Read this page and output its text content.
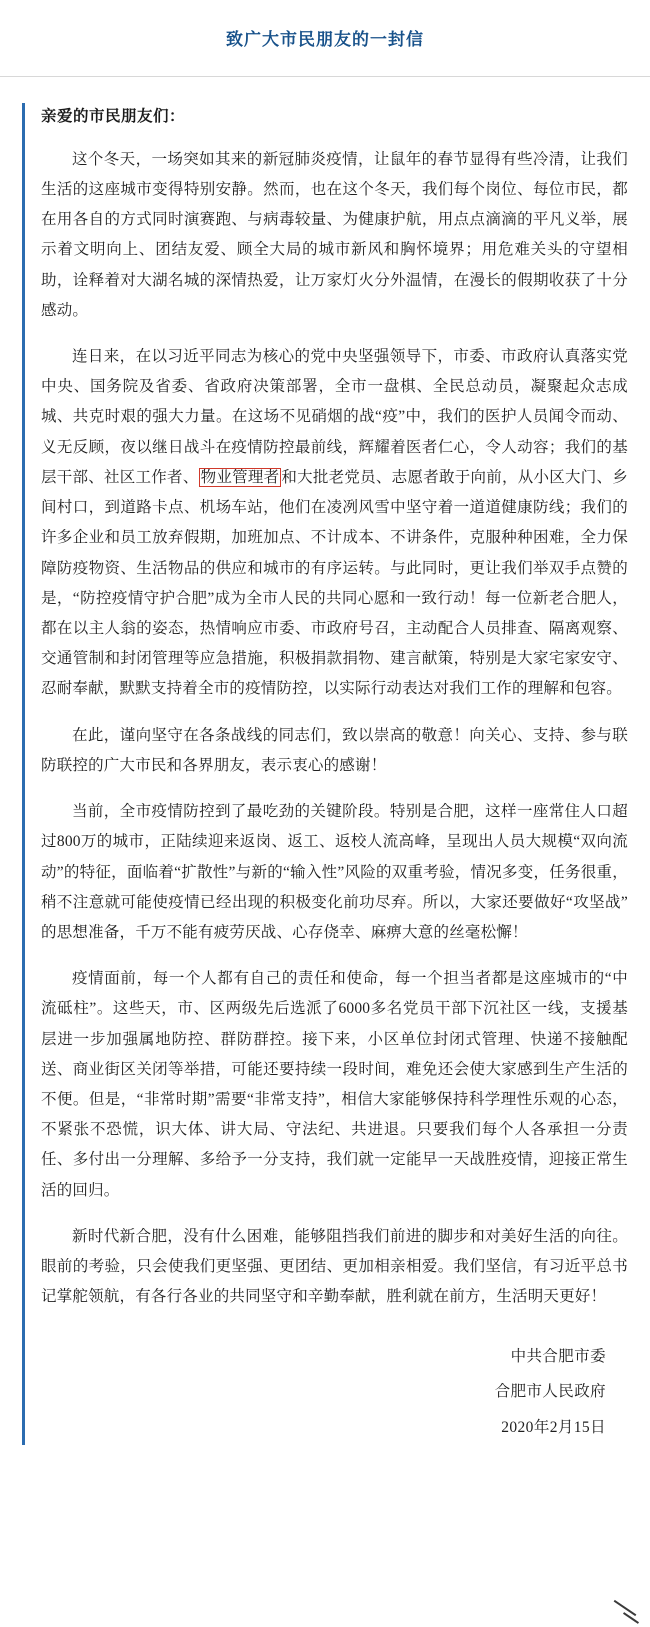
致广大市民朋友的一封信
亲爱的市民朋友们：

这个冬天，一场突如其来的新冠肺炎疫情，让鼠年的春节显得有些冷清，让我们生活的这座城市变得特别安静。然而，也在这个冬天，我们每个岗位、每位市民，都在用各自的方式同时演赛跑、与病毒较量、为健康护航，用点点滴滴的平凡义举，展示着文明向上、团结友爱、顾全大局的城市新风和胸怀境界；用危难关头的守望相助，诠释着对大湖名城的深情热爱，让万家灯火分外温情，在漫长的假期收获了十分感动。

连日来，在以习近平同志为核心的党中央坚强领导下，市委、市政府认真落实党中央、国务院及省委、省政府决策部署，全市一盘棋、全民总动员，凝聚起众志成城、共克时艰的强大力量。在这场不见硝烟的战“疫”中，我们的医护人员闻令而动、义无反顾，夜以继日战斗在疫情防控最前线，辉耀着医者仁心，令人动容；我们的基层干部、社区工作者、 物业管理者 和大批老党员、志愿者敢于向前，从小区大门、乡间村口，到道路卡点、机场车站，他们在凌冽风雪中坚守着一道道健康防线；我们的许多企业和员工放弃假期，加班加点、不计成本、不讲条件，克服种种困难，全力保障防疫物资、生活物品的供应和城市的有序运转。与此同时，更让我们举双手点赞的是，“防控疫情守护合肥”成为全市人民的共同心愿和一致行动！每一位新老合肥人，都在以主人翁的姿态，热情响应市委、市政府号召，主动配合人员排查、隔离观察、交通管制和封闭管理等应急措施，积极捐款捐物、建言献策，特别是大家宅家安守、忍耐奉献，默默支持着全市的疫情防控，以实际行动表达对我们工作的理解和包容。

在此，谨向坚守在各条战线的同志们，致以崇高的敬意！向关心、支持、参与联防联控的广大市民和各界朋友，表示衷心的感谢！

当前，全市疫情防控到了最吃劲的关键阶段。特别是合肥，这样一座常住人口超过800万的城市，正陆续迎来返岗、返工、返校人流高峰，呈现出人员大规模“双向流动”的特征，面临着“扩散性”与新的“输入性”风险的双重考验，情况多变，任务很重，稍不注意就可能使疫情已经出现的积极变化前功尽弃。所以，大家还要做好“攻坚战”的思想准备，千万不能有疲劳厌战、心存侥幸、麻痹大意的丝毫松懈！

疫情面前，每一个人都有自己的责任和使命，每一个担当者都是这座城市的“中流砥柱”。这些天，市、区两级先后选派了6000多名党员干部下沉社区一线，支援基层进一步加强属地防控、群防群控。接下来，小区单位封闭式管理、快递不接触配送、商业街区关闭等举措，可能还要持续一段时间，难免还会使大家感到生产生活的不便。但是，“非常时期”需要“非常支持”，相信大家能够保持科学理性乐观的心态，不紧张不恐慌，识大体、讲大局、守法纪、共进退。只要我们每个人各承担一分责任、多付出一分理解、多给予一分支持，我们就一定能早一天战胜疫情，迎接正常生活的回归。

新时代新合肥，没有什么困难，能够阻挡我们前进的脚步和对美好生活的向往。眼前的考验，只会使我们更坚强、更团结、更加相亲相爱。我们坚信，有习近平总书记掌舵领航，有各行各业的共同坚守和辛勤奉献，胜利就在前方，生活明天更好！

中共合肥市委
合肥市人民政府
2020年2月15日
